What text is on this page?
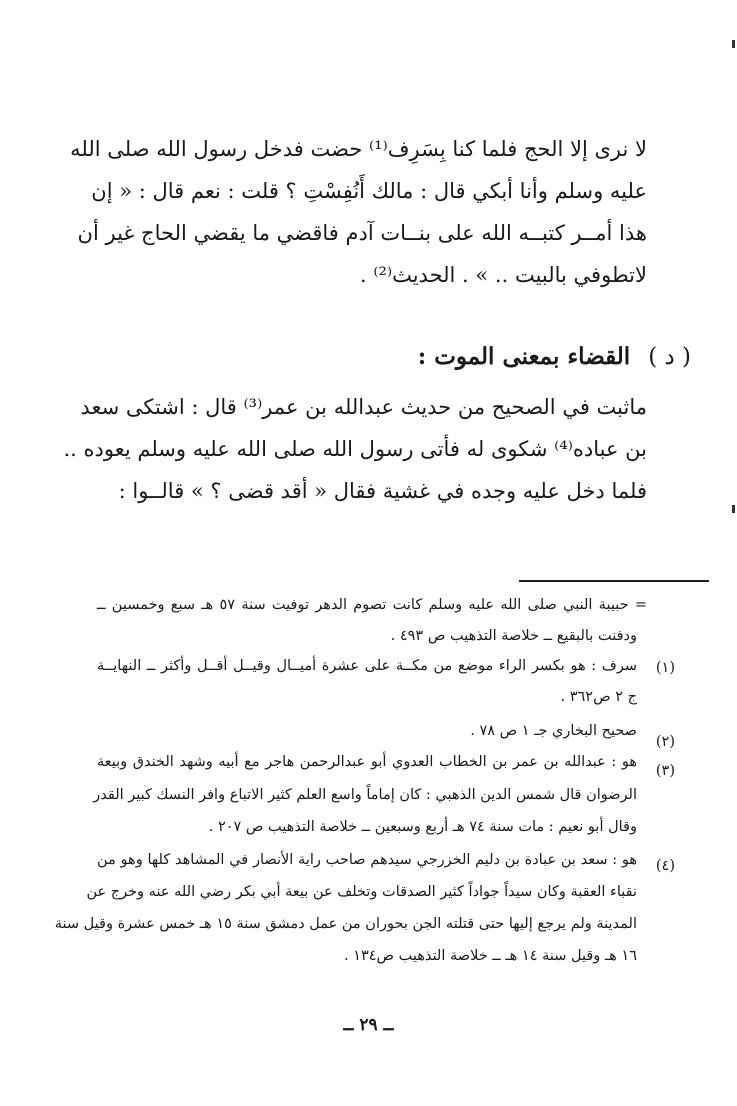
لا نرى إلا الحج فلما كنا بِسَرِف⁽¹⁾ حضت فدخل رسول الله صلى الله
عليه وسلم وأنا أبكي قال : مالك أَنُفِسْتِ ؟ قلت : نعم قال : « إن
هذا أمــر كتبــه الله على بنــات آدم فاقضي ما يقضي الحاج غير أن
لاتطوفي بالبيت .. » . الحديث⁽²⁾ .
( د ) القضاء بمعنى الموت :
ماثبت في الصحيح من حديث عبدالله بن عمر⁽³⁾ قال : اشتكى سعد
بن عباده⁽⁴⁾ شكوى له فأتى رسول الله صلى الله عليه وسلم يعوده ..
فلما دخل عليه وجده في غشية فقال « أقد قضى ؟ » قالــوا :
= حبيبة النبي صلى الله عليه وسلم كانت تصوم الدهر توفيت سنة ٥٧ هـ سبع وخمسين ــ
ودفنت بالبقيع ــ خلاصة التذهيب ص ٤٩٣ .
(١)
سرف : هو بكسر الراء موضع من مكــة على عشرة أميــال وقيــل أقــل وأكثر ــ النهايــة
ج ٢ ص٣٦٢ .
(٢)
صحيح البخاري جـ ١ ص ٧٨ .
(٣)
هو : عبدالله بن عمر بن الخطاب العدوي أبو عبدالرحمن هاجر مع أبيه وشهد الخندق وبيعة
الرضوان قال شمس الدين الذهبي : كان إماماً واسع العلم كثير الاتباع وافر النسك كبير القدر
وقال أبو نعيم : مات سنة ٧٤ هـ أربع وسبعين ــ خلاصة التذهيب ص ٢٠٧ .
(٤)
هو : سعد بن عبادة بن دليم الخزرجي سيدهم صاحب راية الأنصار في المشاهد كلها وهو من
نقباء العقبة وكان سيداً جواداً كثير الصدقات وتخلف عن بيعة أبي بكر رضي الله عنه وخرج عن
المدينة ولم يرجع إليها حتى قتلته الجن بحوران من عمل دمشق سنة ١٥ هـ خمس عشرة وقيل سنة
١٦ هـ وقيل سنة ١٤ هـ ــ خلاصة التذهيب ص١٣٤ .
ــ ٢٩ ــ
